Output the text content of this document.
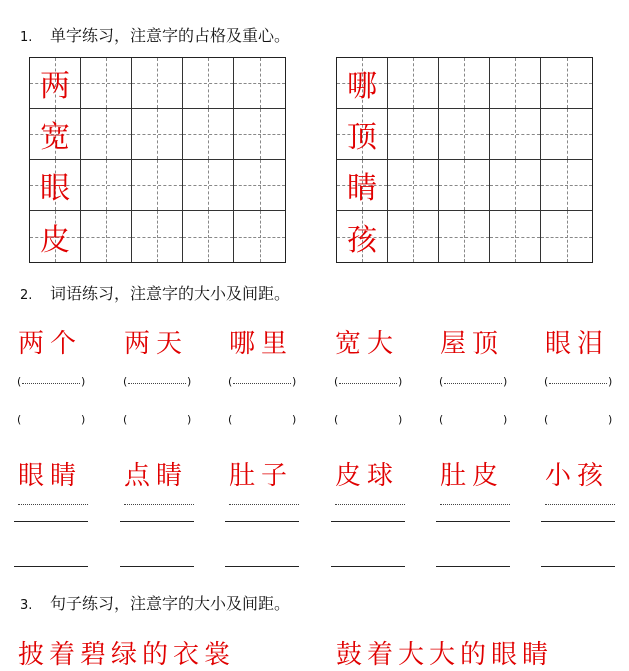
1. 单字练习，注意字的占格及重心。
两
宽
眼
皮
哪
顶
睛
孩
2. 词语练习，注意字的大小及间距。
两个
(	)
(	)
眼睛
两天
(	)
(	)
点睛
哪里
(	)
(	)
肚子
宽大
(	)
(	)
皮球
屋顶
(	)
(	)
肚皮
眼泪
(	)
(	)
小孩
3. 句子练习，注意字的大小及间距。
披着碧绿的衣裳	鼓着大大的眼睛
